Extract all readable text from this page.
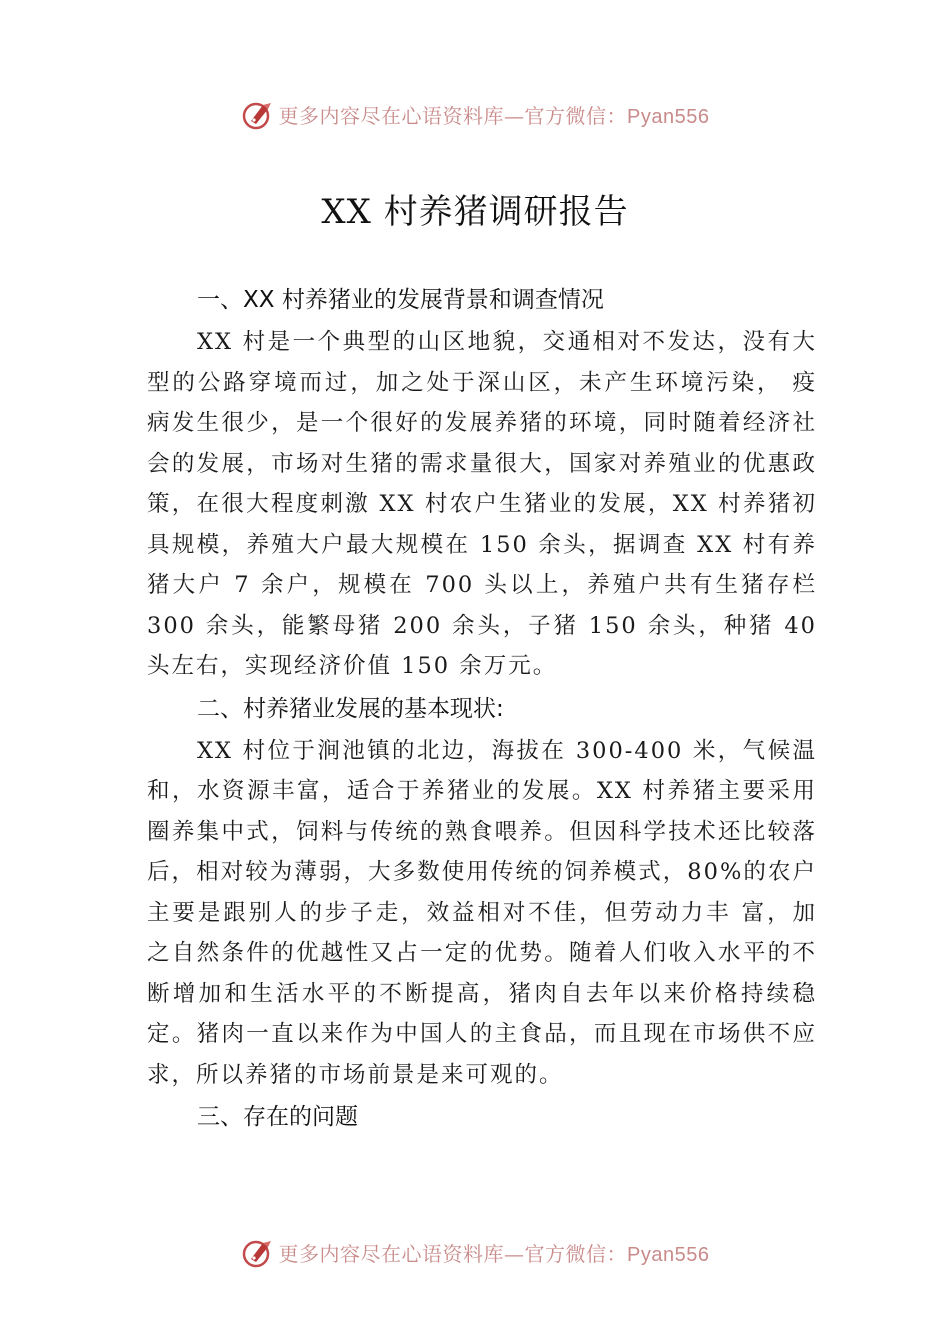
更多内容尽在心语资料库—官方微信：Pyan556
XX 村养猪调研报告
一、XX 村养猪业的发展背景和调查情况
XX 村是一个典型的山区地貌，交通相对不发达，没有大型的公路穿境而过，加之处于深山区，未产生环境污染， 疫病发生很少，是一个很好的发展养猪的环境，同时随着经济社会的发展，市场对生猪的需求量很大，国家对养殖业的优惠政策，在很大程度刺激 XX 村农户生猪业的发展，XX 村养猪初具规模，养殖大户最大规模在 150 余头，据调查 XX 村有养猪大户 7 余户，规模在 700 头以上，养殖户共有生猪存栏 300 余头，能繁母猪 200 余头，子猪 150 余头，种猪 40 头左右，实现经济价值 150 余万元。
二、村养猪业发展的基本现状:
XX 村位于涧池镇的北边，海拔在 300-400 米，气候温和，水资源丰富，适合于养猪业的发展。XX 村养猪主要采用圈养集中式，饲料与传统的熟食喂养。但因科学技术还比较落后，相对较为薄弱，大多数使用传统的饲养模式，80%的农户主要是跟别人的步子走，效益相对不佳，但劳动力丰 富，加之自然条件的优越性又占一定的优势。随着人们收入水平的不断增加和生活水平的不断提高，猪肉自去年以来价格持续稳定。猪肉一直以来作为中国人的主食品，而且现在市场供不应求，所以养猪的市场前景是来可观的。
三、存在的问题
更多内容尽在心语资料库—官方微信：Pyan556
